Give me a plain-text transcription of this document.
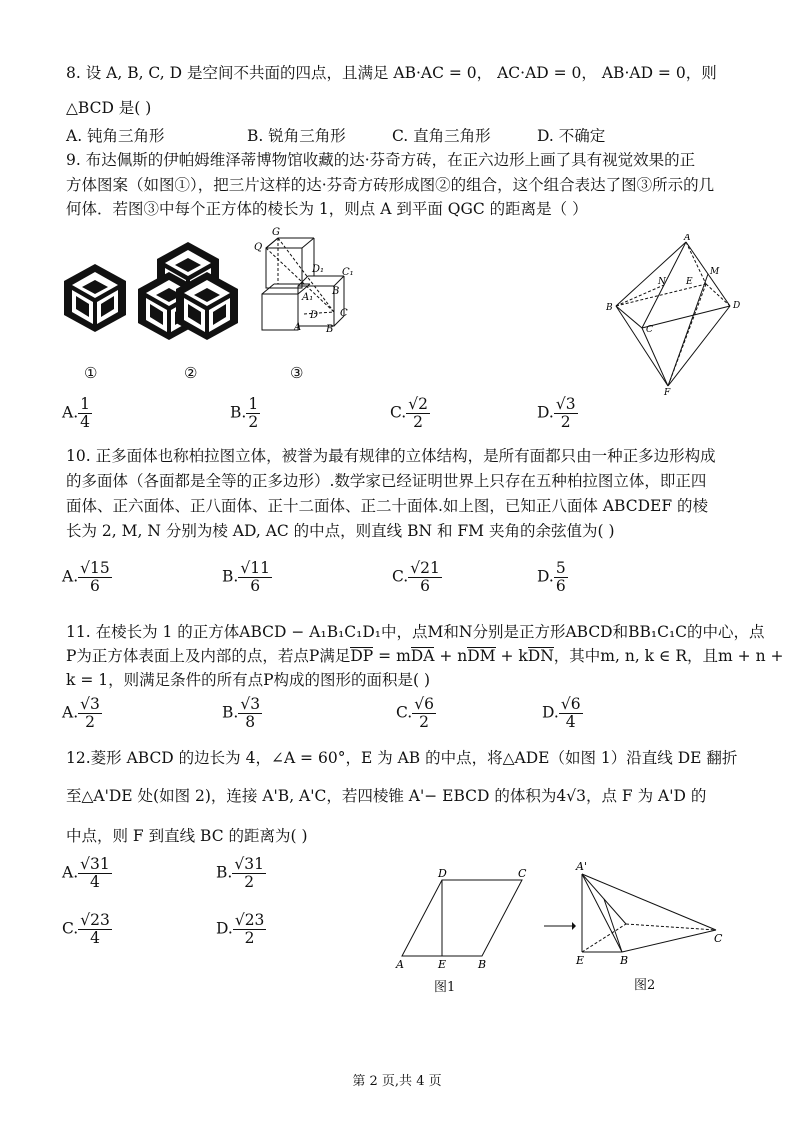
8. 设 A, B, C, D 是空间不共面的四点，且满足 AB·AC = 0， AC·AD = 0， AB·AD = 0，则
△BCD 是( )
A. 钝角三角形	B. 锐角三角形	C. 直角三角形	D. 不确定
9. 布达佩斯的伊帕姆维泽蒂博物馆收藏的达·芬奇方砖，在正六边形上画了具有视觉效果的正
方体图案（如图①），把三片这样的达·芬奇方砖形成图②的组合，这个组合表达了图③所示的几
何体．若图③中每个正方体的棱长为 1，则点 A 到平面 QGC 的距离是（ ）
Q
G
D₁ C₁
A₁
B
C
A B
D
A
M
N E
B
C
D
F
①	②	③
A. $\frac{1}{4}$	B. $\frac{1}{2}$	C. $\frac{√2}{2}$	D. $\frac{√3}{2}$
10. 正多面体也称柏拉图立体，被誉为最有规律的立体结构，是所有面都只由一种正多边形构成
的多面体（各面都是全等的正多边形）.数学家已经证明世界上只存在五种柏拉图立体，即正四
面体、正六面体、正八面体、正十二面体、正二十面体.如上图，已知正八面体 ABCDEF 的棱
长为 2, M, N 分别为棱 AD, AC 的中点，则直线 BN 和 FM 夹角的余弦值为( )
A. $\frac{√15}{6}$	B. $\frac{√11}{6}$	C. $\frac{√21}{6}$	D. $\frac{5}{6}$
11. 在棱长为 1 的正方体ABCD − A₁B₁C₁D₁中，点M和N分别是正方形ABCD和BB₁C₁C的中心，点
P为正方体表面上及内部的点，若点P满足DP = mDA + nDM + kDN，其中m, n, k ∈ R，且m + n +
k = 1，则满足条件的所有点P构成的图形的面积是( )
A. $\frac{√3}{2}$	B. $\frac{√3}{8}$	C. $\frac{√6}{2}$	D. $\frac{√6}{4}$
12.菱形 ABCD 的边长为 4，∠A = 60°，E 为 AB 的中点，将△ADE（如图 1）沿直线 DE 翻折
至△A'DE 处(如图 2)，连接 A'B, A'C，若四棱锥 A'− EBCD 的体积为4√3，点 F 为 A'D 的
中点，则 F 到直线 BC 的距离为( )
A. $\frac{√31}{4}$	B. $\frac{√31}{2}$
C. $\frac{√23}{4}$	D. $\frac{√23}{2}$
D	C
A	E	B
A'
E	B
C
图1	图2
第 2 页,共 4 页
